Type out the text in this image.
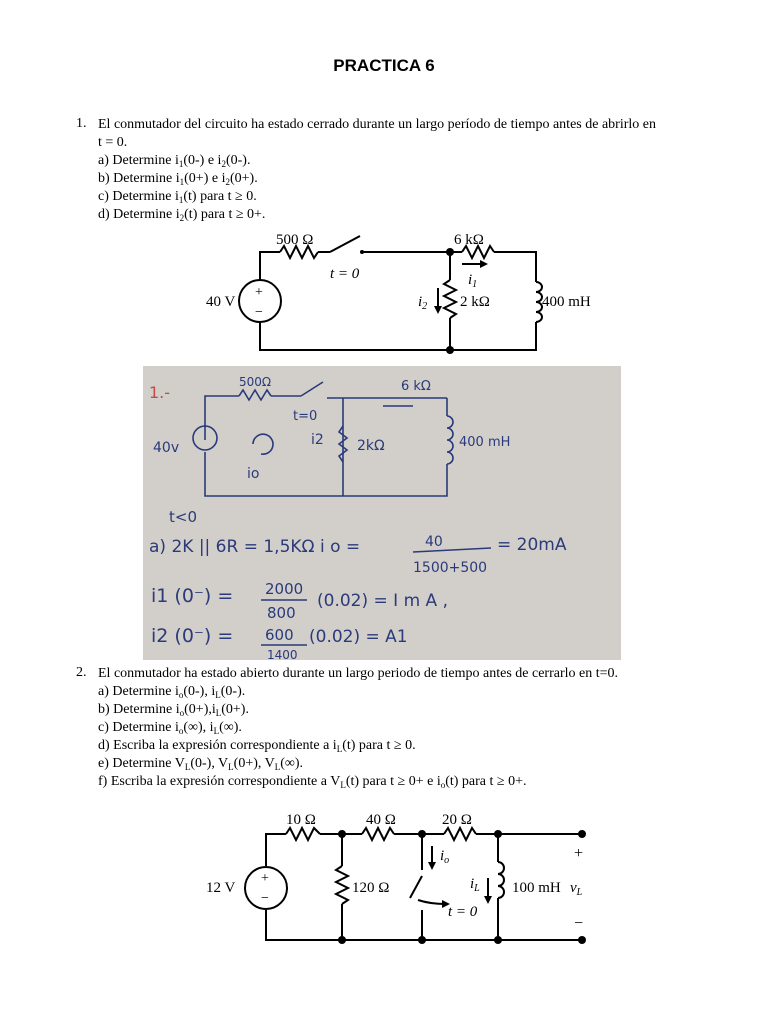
PRACTICA 6
1. El conmutador del circuito ha estado cerrado durante un largo período de tiempo antes de abrirlo en
t = 0.
a) Determine $i_1(0-)$ e $i_2(0-)$.
b) Determine $i_1(0+)$ e $i_2(0+)$.
c) Determine $i_1(t)$ para t ≥ 0.
d) Determine $i_2(t)$ para t ≥ 0+.
+
−
500 Ω
t = 0
6 kΩ
$i_1$
40 V	$i_2$ 2 kΩ	400 mH
1.-
500Ω	6 kΩ
t=0
i2 2kΩ	400 mH
40v
io
t<0
a) 2K || 6R = 1,5KΩ i o =	40
1500+500
= 20mA
i1 (0⁻) = 2000
800
(0.02) = I m A ,
i2 (0⁻) = 600
1400
(0.02) = A1
2. El conmutador ha estado abierto durante un largo periodo de tiempo antes de cerrarlo en t=0.
a) Determine $i_o(0-)$, $i_L(0-)$.
b) Determine $i_o(0+),i_L(0+)$.
c) Determine $i_o(\infty)$, $i_L(\infty)$.
d) Escriba la expresión correspondiente a $i_L(t)$ para t ≥ 0.
e) Determine $V_L(0-)$, $V_L(0+)$, $V_L(\infty)$.
f) Escriba la expresión correspondiente a $V_L(t)$ para t ≥ 0+ e $i_o(t)$ para t ≥ 0+.
+
−
10 Ω	40 Ω	20 Ω
12 V	120 Ω
$i_o$
t = 0
$i_L$ 100 mH $v_L$
+
−
